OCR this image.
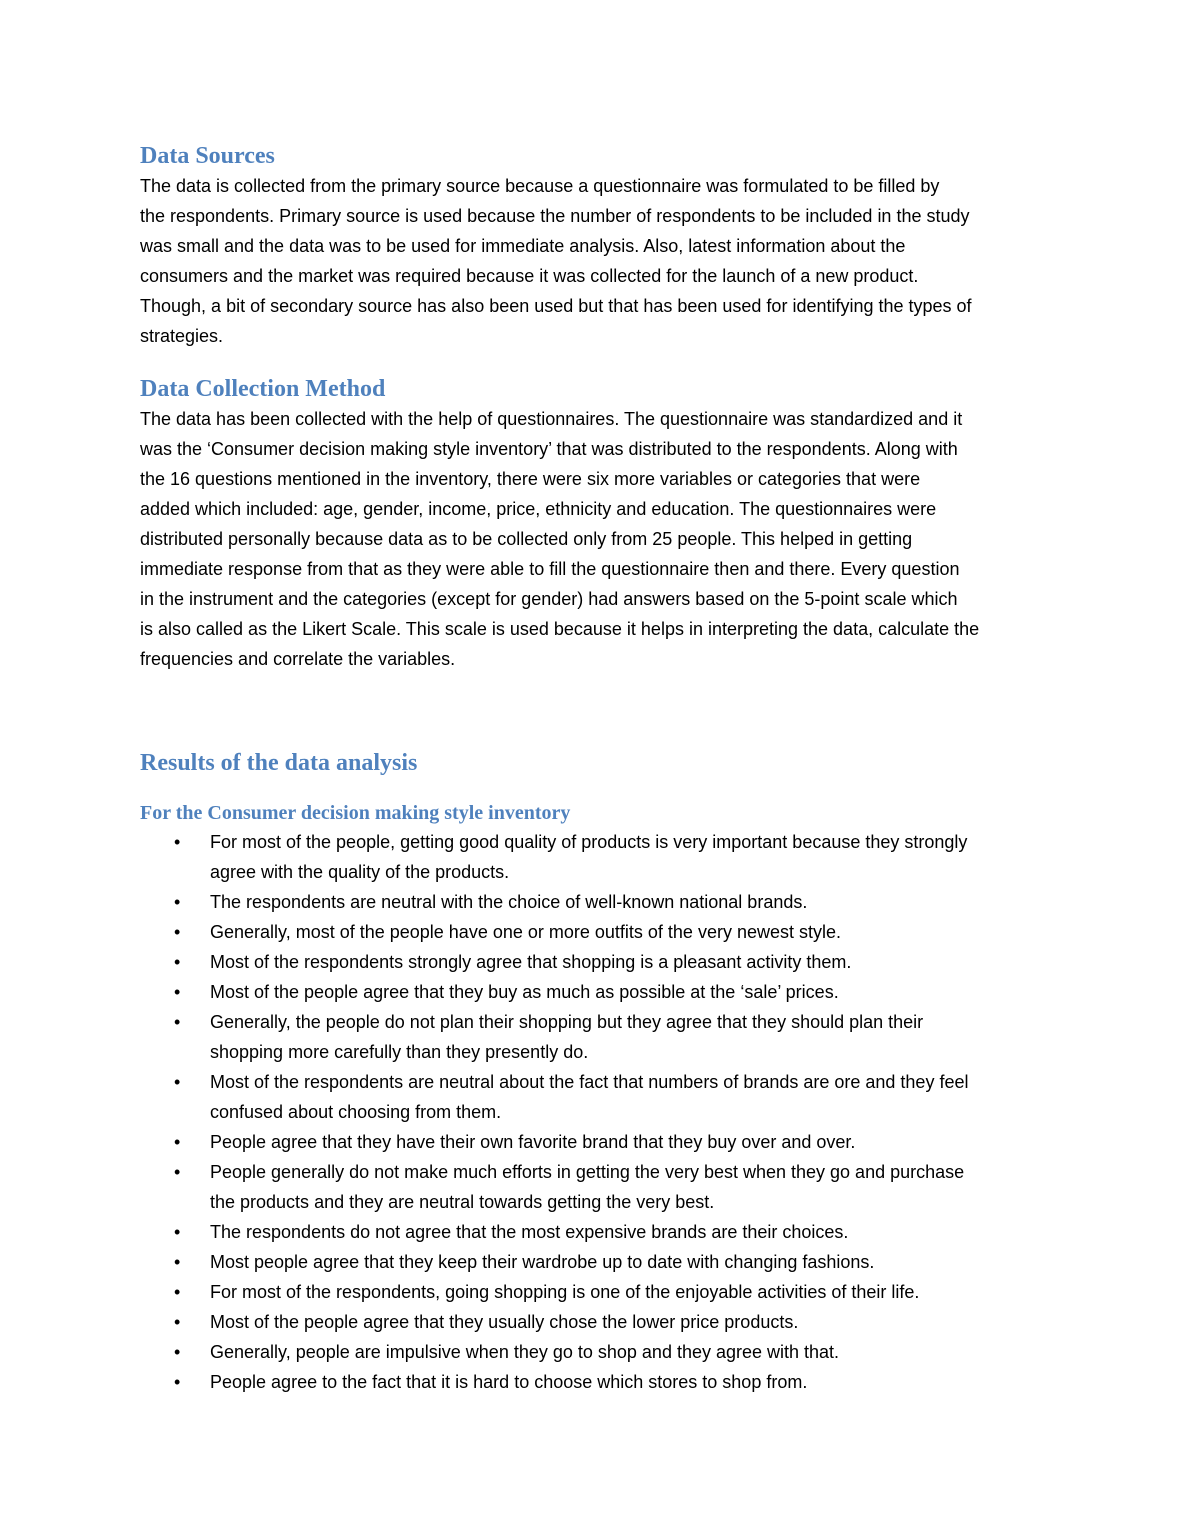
Data Sources
The data is collected from the primary source because a questionnaire was formulated to be filled by
the respondents. Primary source is used because the number of respondents to be included in the study
was small and the data was to be used for immediate analysis. Also, latest information about the
consumers and the market was required because it was collected for the launch of a new product.
Though, a bit of secondary source has also been used but that has been used for identifying the types of
strategies.
Data Collection Method
The data has been collected with the help of questionnaires. The questionnaire was standardized and it
was the ‘Consumer decision making style inventory’ that was distributed to the respondents. Along with
the 16 questions mentioned in the inventory, there were six more variables or categories that were
added which included: age, gender, income, price, ethnicity and education. The questionnaires were
distributed personally because data as to be collected only from 25 people. This helped in getting
immediate response from that as they were able to fill the questionnaire then and there. Every question
in the instrument and the categories (except for gender) had answers based on the 5-point scale which
is also called as the Likert Scale. This scale is used because it helps in interpreting the data, calculate the
frequencies and correlate the variables.
Results of the data analysis
For the Consumer decision making style inventory
• For most of the people, getting good quality of products is very important because they strongly
agree with the quality of the products.
• The respondents are neutral with the choice of well-known national brands.
• Generally, most of the people have one or more outfits of the very newest style.
• Most of the respondents strongly agree that shopping is a pleasant activity them.
• Most of the people agree that they buy as much as possible at the ‘sale’ prices.
• Generally, the people do not plan their shopping but they agree that they should plan their
shopping more carefully than they presently do.
• Most of the respondents are neutral about the fact that numbers of brands are ore and they feel
confused about choosing from them.
• People agree that they have their own favorite brand that they buy over and over.
• People generally do not make much efforts in getting the very best when they go and purchase
the products and they are neutral towards getting the very best.
• The respondents do not agree that the most expensive brands are their choices.
• Most people agree that they keep their wardrobe up to date with changing fashions.
• For most of the respondents, going shopping is one of the enjoyable activities of their life.
• Most of the people agree that they usually chose the lower price products.
• Generally, people are impulsive when they go to shop and they agree with that.
• People agree to the fact that it is hard to choose which stores to shop from.
